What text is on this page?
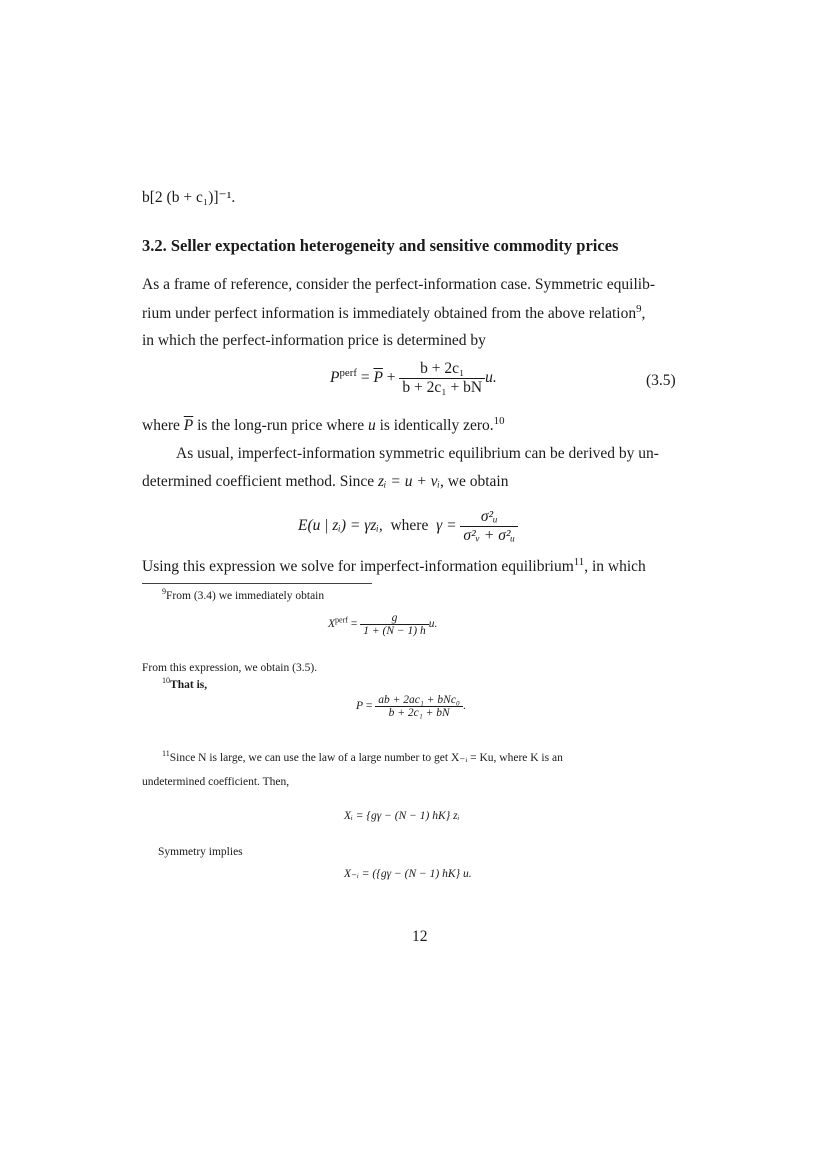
b[2 (b + c₁)]⁻¹.
3.2. Seller expectation heterogeneity and sensitive commodity prices
As a frame of reference, consider the perfect-information case. Symmetric equilib-
rium under perfect information is immediately obtained from the above relation$^9$,
in which the perfect-information price is determined by
$P^{perf} = \overline{P} + \frac{\text{b + 2c₁}}{\text{b + 2c₁ + bN}} u$.	(3.5)
where $\overline{P}$ is the long-run price where u is identically zero.$^{10}$
As usual, imperfect-information symmetric equilibrium can be derived by un-
determined coefficient method. Since zᵢ = u + vᵢ, we obtain
E(u | zᵢ) = γzᵢ,  where  $\gamma = \frac{\text{σ²ᵤ}}{\text{σ²ᵥ + σ²ᵤ}}$
Using this expression we solve for imperfect-information equilibrium$^{11}$, in which
$^9$From (3.4) we immediately obtain
$X^{perf} = \frac{g}{1 + (N - 1) h} u$.
From this expression, we obtain (3.5).
$^{10}$That is,
$P = \frac{\text{ab + 2ac₁ + bNc₀}}{\text{b + 2c₁ + bN}}$ .
$^{11}$Since N is large, we can use the law of a large number to get X₋ᵢ = Ku, where K is an
undetermined coefficient. Then,
Xᵢ = {gγ − (N − 1) hK} zᵢ
Symmetry implies
X₋ᵢ = ({gγ − (N − 1) hK} u.
12
